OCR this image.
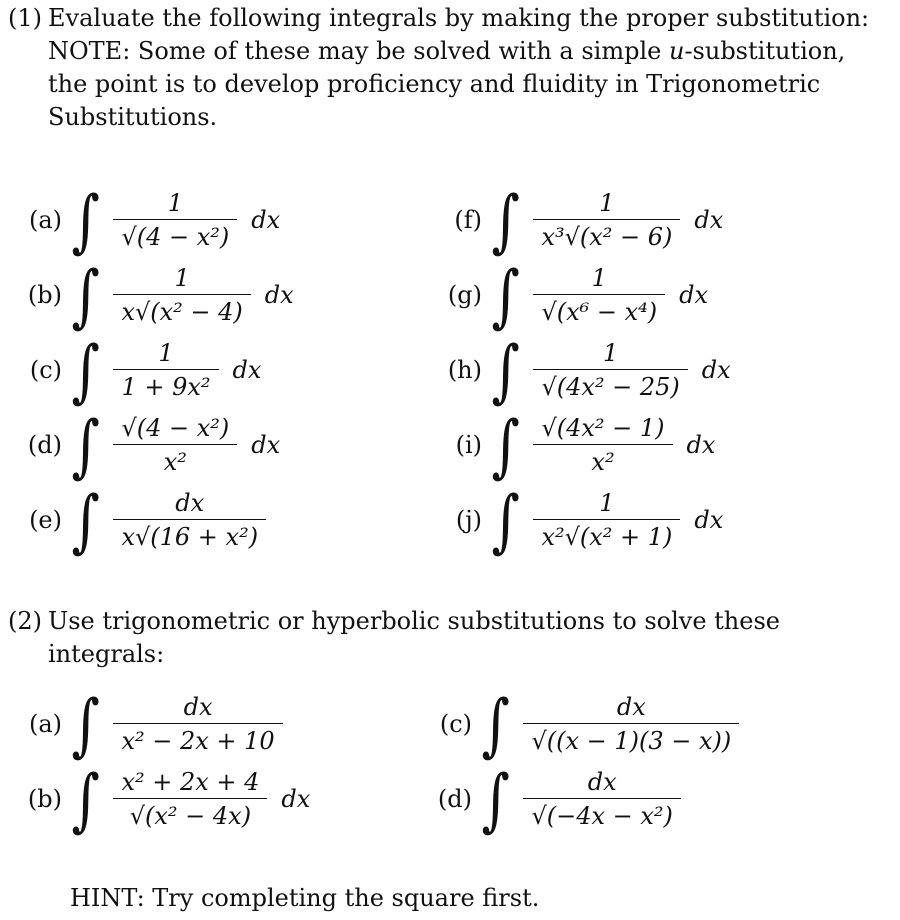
(1) Evaluate the following integrals by making the proper substitution:
NOTE: Some of these may be solved with a simple u-substitution, the point is to develop proficiency and fluidity in Trigonometric Substitutions.
(a) ∫ $\frac{1}{\text{√(4 − x²)}}$ dx
(b) ∫ $\frac{1}{\text{x√(x² − 4)}}$ dx
(c) ∫ $\frac{1}{\text{1 + 9x²}}$ dx
(d) ∫ $\frac{\text{√(4 − x²)}}{\text{x²}}$ dx
(e) ∫ $\frac{dx}{\text{x√(16 + x²)}}$
(f) ∫ $\frac{1}{\text{x³√(x² − 6)}}$ dx
(g) ∫ $\frac{1}{\text{√(x⁶ − x⁴)}}$ dx
(h) ∫ $\frac{1}{\text{√(4x² − 25)}}$ dx
(i) ∫ $\frac{\text{√(4x² − 1)}}{\text{x²}}$ dx
(j) ∫ $\frac{1}{\text{x²√(x² + 1)}}$ dx
(2) Use trigonometric or hyperbolic substitutions to solve these integrals:
(a) ∫ $\frac{dx}{\text{x² − 2x + 10}}$
(b) ∫ $\frac{\text{x² + 2x + 4}}{\text{√(x² − 4x)}}$ dx
(c) ∫ $\frac{dx}{√((x - 1)(3 - x))}$
(d) ∫ $\frac{dx}{\text{√(−4x − x²)}}$
HINT: Try completing the square first.
